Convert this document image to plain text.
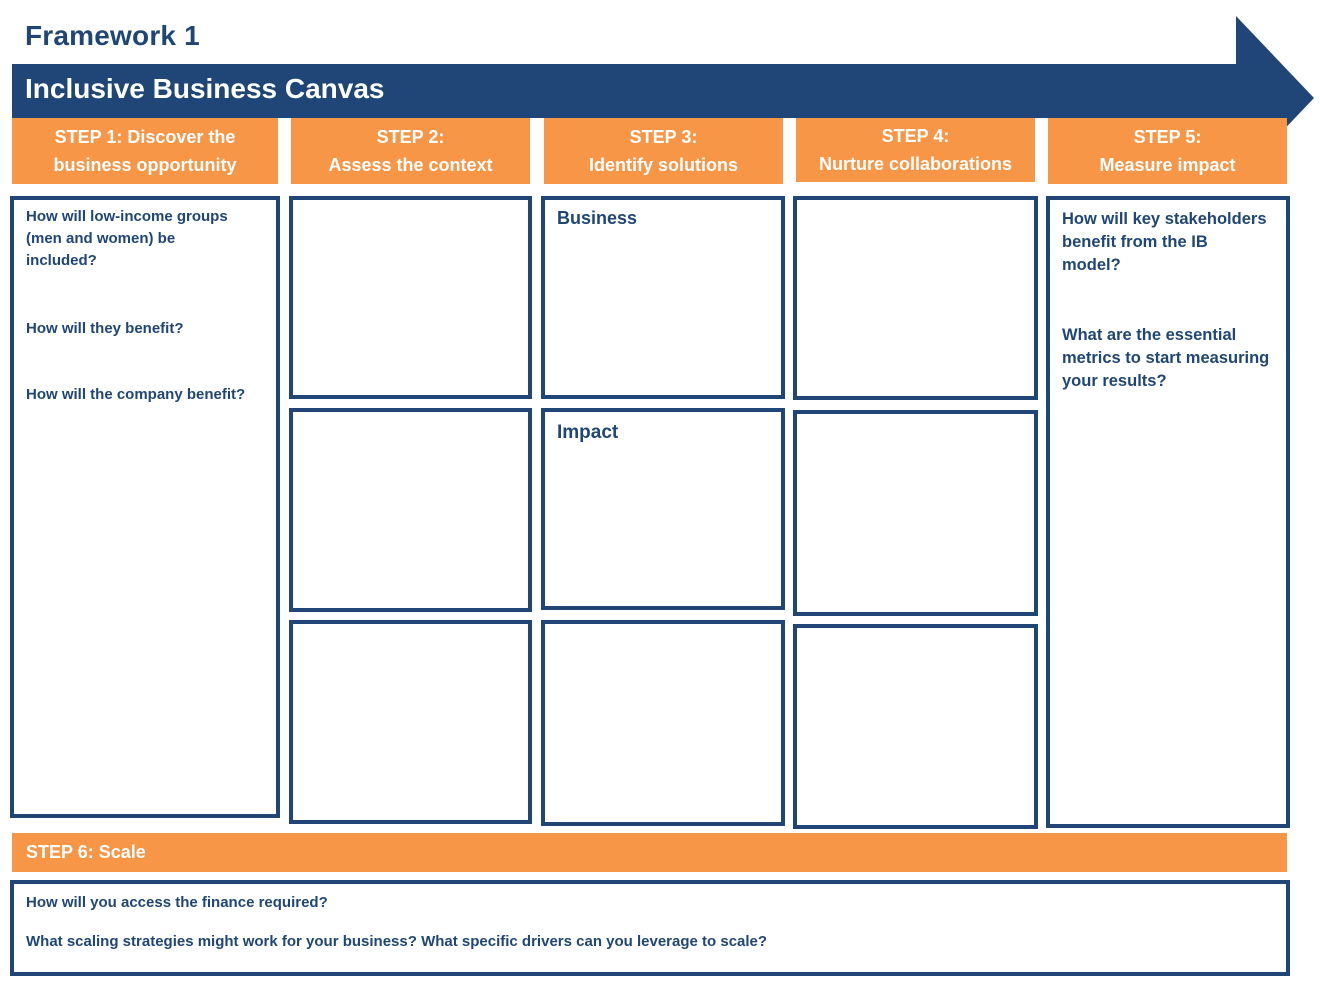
Framework 1
Inclusive Business Canvas
STEP 1: Discover the
business opportunity
STEP 2:
Assess the context
STEP 3:
Identify solutions
STEP 4:
Nurture collaborations
STEP 5:
Measure impact
How will low-income groups
(men and women) be
included?
How will they benefit?
How will the company benefit?
Business
Impact
How will key stakeholders
benefit from the IB
model?
What are the essential
metrics to start measuring
your results?
STEP 6: Scale
How will you access the finance required?
What scaling strategies might work for your business? What specific drivers can you leverage to scale?
